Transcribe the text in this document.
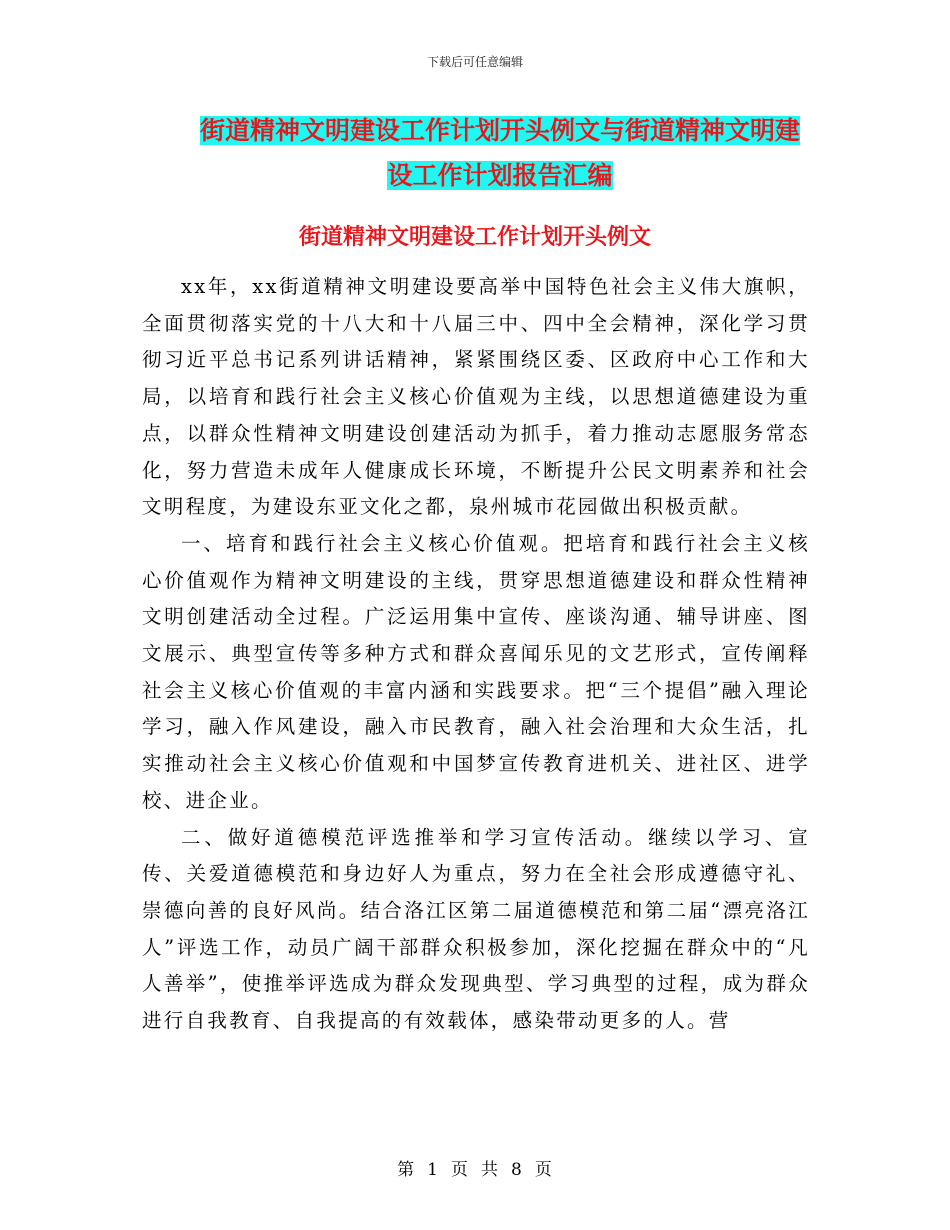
下载后可任意编辑
街道精神文明建设工作计划开头例文与街道精神文明建设工作计划报告汇编
街道精神文明建设工作计划开头例文

xx年，xx街道精神文明建设要高举中国特色社会主义伟大旗帜，全面贯彻落实党的十八大和十八届三中、四中全会精神，深化学习贯彻习近平总书记系列讲话精神，紧紧围绕区委、区政府中心工作和大局，以培育和践行社会主义核心价值观为主线，以思想道德建设为重点，以群众性精神文明建设创建活动为抓手，着力推动志愿服务常态化，努力营造未成年人健康成长环境，不断提升公民文明素养和社会文明程度，为建设东亚文化之都，泉州城市花园做出积极贡献。

一、培育和践行社会主义核心价值观。把培育和践行社会主义核心价值观作为精神文明建设的主线，贯穿思想道德建设和群众性精神文明创建活动全过程。广泛运用集中宣传、座谈沟通、辅导讲座、图文展示、典型宣传等多种方式和群众喜闻乐见的文艺形式，宣传阐释社会主义核心价值观的丰富内涵和实践要求。把“三个提倡”融入理论学习，融入作风建设，融入市民教育，融入社会治理和大众生活，扎实推动社会主义核心价值观和中国梦宣传教育进机关、进社区、进学校、进企业。

二、做好道德模范评选推举和学习宣传活动。继续以学习、宣传、关爱道德模范和身边好人为重点，努力在全社会形成遵德守礼、崇德向善的良好风尚。结合洛江区第二届道德模范和第二届“漂亮洛江人”评选工作，动员广阔干部群众积极参加，深化挖掘在群众中的“凡人善举”，使推举评选成为群众发现典型、学习典型的过程，成为群众进行自我教育、自我提高的有效载体，感染带动更多的人。营

第 1 页 共 8 页
